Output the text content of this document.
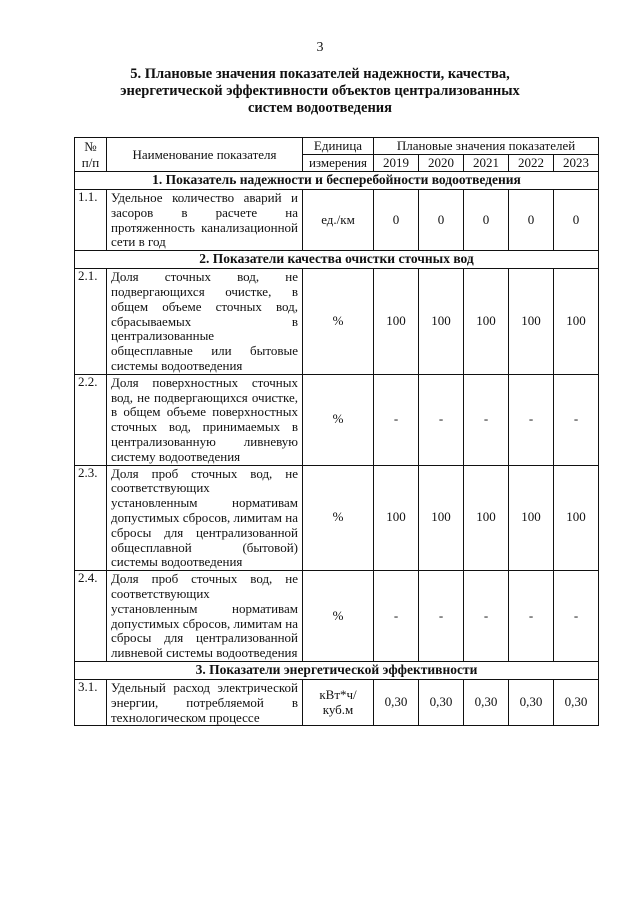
3
5. Плановые значения показателей надежности, качества,
энергетической эффективности объектов централизованных
систем водоотведения
№
п/п	Наименование показателя	Единица	Плановые значения показателей				
		измерения	2019	2020	2021	2022	2023
1. Показатель надежности и бесперебойности водоотведения							
1.1.	Удельное количество аварий и засоров в расчете на протяженность канализационной сети в год	ед./км	0	0	0	0	0
2. Показатели качества очистки сточных вод							
2.1.	Доля сточных вод, не подвергающихся очистке, в общем объеме сточных вод, сбрасываемых в централизованные общесплавные или бытовые системы водоотведения	%	100	100	100	100	100
2.2.	Доля поверхностных сточных вод, не подвергающихся очистке, в общем объеме поверхностных сточных вод, принимаемых в централизованную ливневую систему водоотведения	%	-	-	-	-	-
2.3.	Доля проб сточных вод, не соответствующих установленным нормативам допустимых сбросов, лимитам на сбросы для централизованной общесплавной (бытовой) системы водоотведения	%	100	100	100	100	100
2.4.	Доля проб сточных вод, не соответствующих установленным нормативам допустимых сбросов, лимитам на сбросы для централизованной ливневой системы водоотведения	%	-	-	-	-	-
3. Показатели энергетической эффективности							
3.1.	Удельный расход электрической энергии, потребляемой в технологическом процессе	кВт*ч/ куб.м	0,30	0,30	0,30	0,30	0,30
